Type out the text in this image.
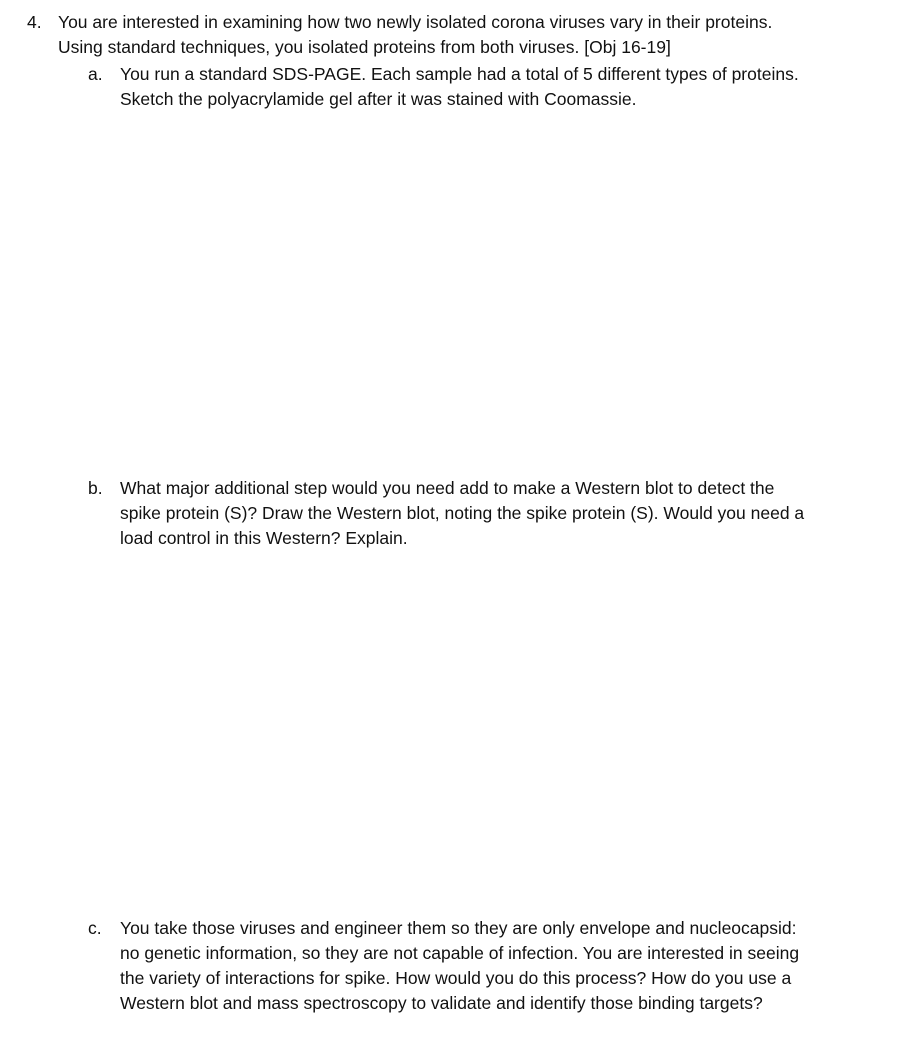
4. You are interested in examining how two newly isolated corona viruses vary in their proteins.
Using standard techniques, you isolated proteins from both viruses. [Obj 16-19]
a. You run a standard SDS-PAGE. Each sample had a total of 5 different types of proteins.
Sketch the polyacrylamide gel after it was stained with Coomassie.
b. What major additional step would you need add to make a Western blot to detect the
spike protein (S)? Draw the Western blot, noting the spike protein (S). Would you need a
load control in this Western? Explain.
c.	You take those viruses and engineer them so they are only envelope and nucleocapsid:
no genetic information, so they are not capable of infection. You are interested in seeing
the variety of interactions for spike. How would you do this process? How do you use a
Western blot and mass spectroscopy to validate and identify those binding targets?
